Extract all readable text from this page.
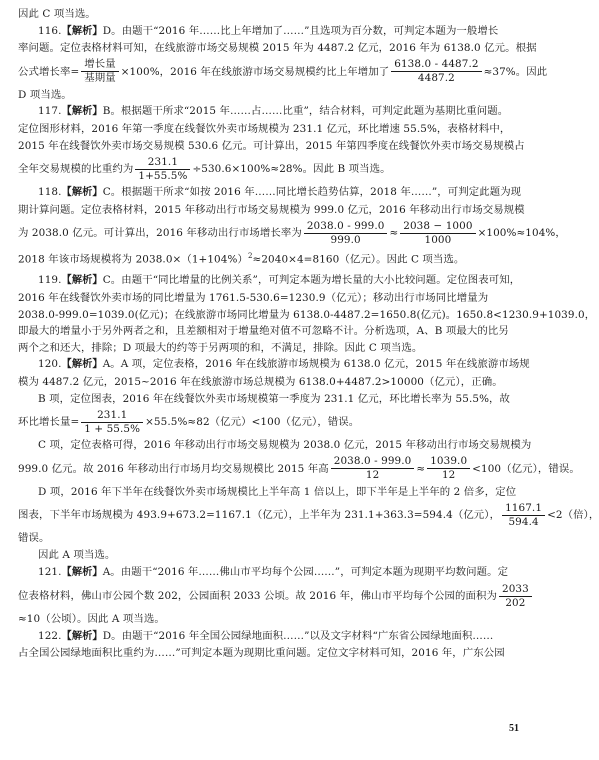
因此 C 项当选。
116.【解析】D。由题干“2016 年……比上年增加了……”且选项为百分数，可判定本题为一般增长
率问题。定位表格材料可知，在线旅游市场交易规模 2015 年为 4487.2 亿元，2016 年为 6138.0 亿元。根据
公式增长率= $\frac{\text{增长量}}{\text{基期量}} \times 100\%$，2016 年在线旅游市场交易规模约比上年增加了 $\frac{6138.0 - 4487.2}{4487.2} \approx 37\%$。因此
D 项当选。
117.【解析】B。根据题干所求“2015 年……占……比重”，结合材料，可判定此题为基期比重问题。
定位图形材料，2016 年第一季度在线餐饮外卖市场规模为 231.1 亿元，环比增速 55.5%，表格材料中，
2015 年在线餐饮外卖市场交易规模 530.6 亿元。可计算出，2015 年第四季度在线餐饮外卖市场交易规模占
全年交易规模的比重约为 $\frac{231.1}{1+55.5\%} \div 530.6\times 100\%\approx 28\%$。因此 B 项当选。
118.【解析】C。根据题干所求“如按 2016 年……同比增长趋势估算，2018 年……”，可判定此题为现
期计算问题。定位表格材料，2015 年移动出行市场交易规模为 999.0 亿元，2016 年移动出行市场交易规模
为 2038.0 亿元。可计算出，2016 年移动出行市场增长率为 $\frac{2038.0 - 999.0}{999.0} \approx \frac{2038 - 1000}{1000} \times 100\%\approx 104\%$，
2018 年该市场规模将为 $2038.0\times(1+104\%)^2\approx 2040\times 4=8160$（亿元）。因此 C 项当选。
119.【解析】C。由题干“同比增量的比例关系”，可判定本题为增长量的大小比较问题。定位图表可知，
2016 年在线餐饮外卖市场的同比增量为 1761.5-530.6=1230.9（亿元）；移动出行市场同比增量为
2038.0-999.0=1039.0(亿元)；在线旅游市场同比增量为 6138.0-4487.2=1650.8(亿元)。1650.8<1230.9+1039.0，
即最大的增量小于另外两者之和，且差额相对于增量绝对值不可忽略不计。分析选项，A、B 项最大的比另
两个之和还大，排除；D 项最大的约等于另两项的和，不满足，排除。因此 C 项当选。
120.【解析】A。A 项，定位表格，2016 年在线旅游市场规模为 6138.0 亿元，2015 年在线旅游市场规
模为 4487.2 亿元，2015~2016 年在线旅游市场总规模为 6138.0+4487.2>10000（亿元），正确。
B 项，定位图表，2016 年在线餐饮外卖市场规模第一季度为 231.1 亿元，环比增长率为 55.5%，故
环比增长量= $\frac{231.1}{1 + 55.5\%} \times 55.5\%\approx 82$（亿元）<100（亿元），错误。
C 项，定位表格可得，2016 年移动出行市场交易规模为 2038.0 亿元，2015 年移动出行市场交易规模为
999.0 亿元。故 2016 年移动出行市场月均交易规模比 2015 年高 $\frac{2038.0 - 999.0}{12} \approx \frac{1039.0}{12} <100$（亿元），错误。
D 项，2016 年下半年在线餐饮外卖市场规模比上半年高 1 倍以上，即下半年是上半年的 2 倍多，定位
图表，下半年市场规模为 493.9+673.2=1167.1（亿元），上半年为 231.1+363.3=594.4（亿元）， $\frac{1167.1}{594.4} <2$（倍），
错误。
因此 A 项当选。
121.【解析】A。由题干“2016 年……佛山市平均每个公园……”，可判定本题为现期平均数问题。定
位表格材料，佛山市公园个数 202，公园面积 2033 公顷。故 2016 年，佛山市平均每个公园的面积为 $\frac{2033}{202}$
≈10（公顷）。因此 A 项当选。
122.【解析】D。由题干“2016 年全国公园绿地面积……”以及文字材料“广东省公园绿地面积……
占全国公园绿地面积比重约为……”可判定本题为现期比重问题。定位文字材料可知，2016 年，广东公园
51
